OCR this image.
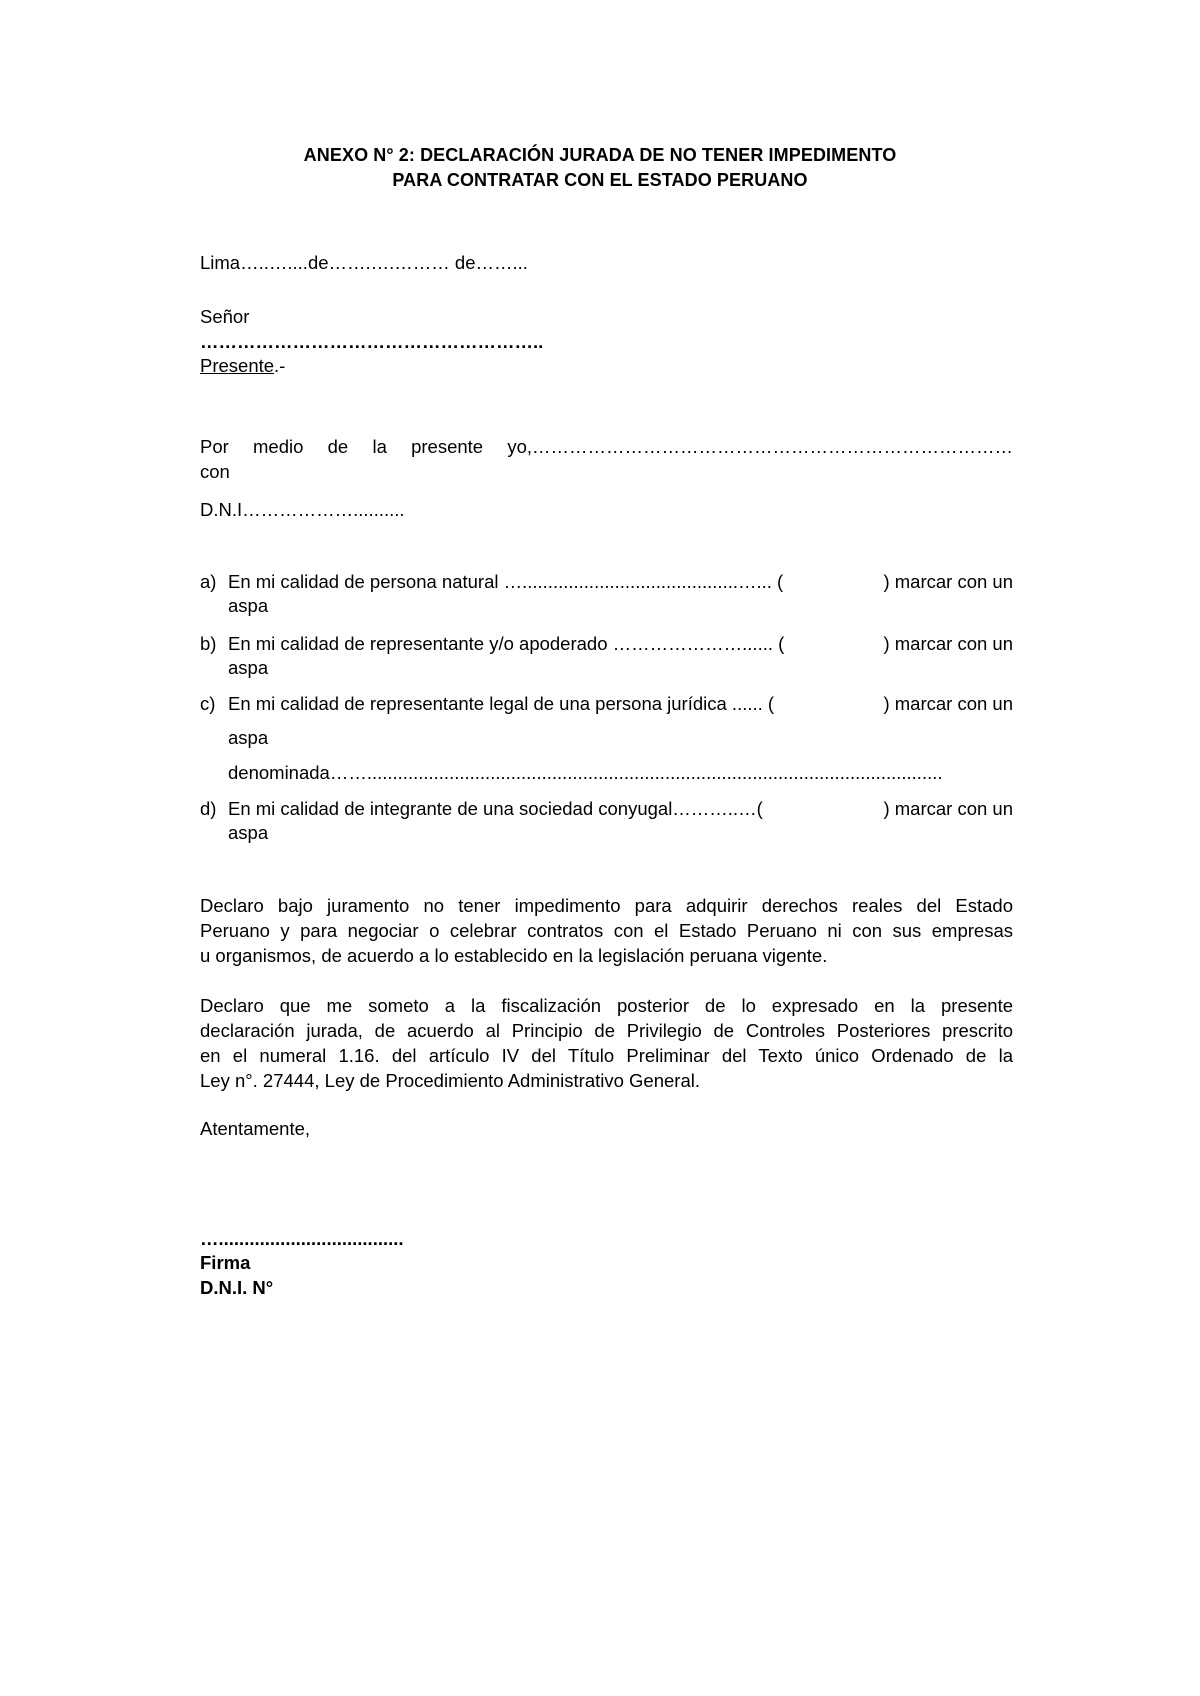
ANEXO N° 2: DECLARACIÓN JURADA DE NO TENER IMPEDIMENTO
PARA CONTRATAR CON EL ESTADO PERUANO
Lima…..…....de…….….……… de……...
Señor
………………………………………………..
Presente.-
Por medio de la presente yo,……………………………………………………………………
con
D.N.I………………..........
a) En mi calidad de persona natural …..........................................…... (	) marcar con un
aspa
b) En mi calidad de representante y/o apoderado …………………...... (	) marcar con un
aspa
c) En mi calidad de representante legal de una persona jurídica ...... (	) marcar con un
aspa
denominada……................................................................................................................
d) En mi calidad de integrante de una sociedad conyugal………..…(	) marcar con un
aspa
Declaro bajo juramento no tener impedimento para adquirir derechos reales del Estado
Peruano y para negociar o celebrar contratos con el Estado Peruano ni con sus empresas
u organismos, de acuerdo a lo establecido en la legislación peruana vigente.
Declaro que me someto a la fiscalización posterior de lo expresado en la presente
declaración jurada, de acuerdo al Principio de Privilegio de Controles Posteriores prescrito
en el numeral 1.16. del artículo IV del Título Preliminar del Texto único Ordenado de la
Ley n°. 27444, Ley de Procedimiento Administrativo General.
Atentamente,
…....................................
Firma
D.N.I. N°
